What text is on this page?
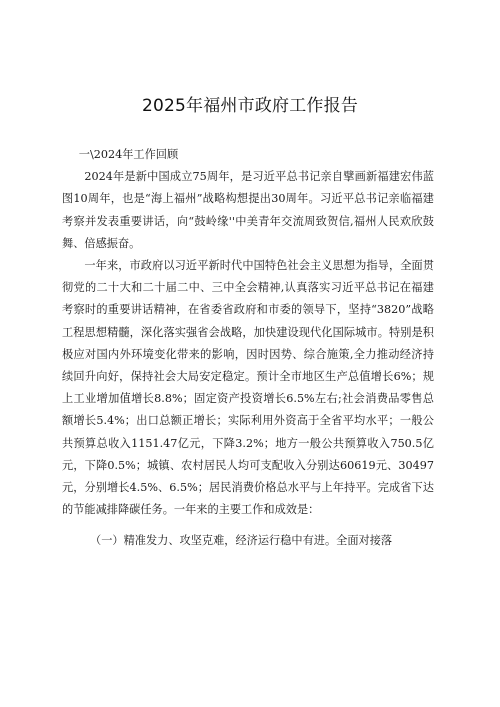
2025年福州市政府工作报告

一\2024年工作回顾

2024年是新中国成立75周年，是习近平总书记亲自擘画新福建宏伟蓝图10周年，也是“海上福州”战略构想提出30周年。习近平总书记亲临福建考察并发表重要讲话，向“鼓岭缘''中美青年交流周致贺信,福州人民欢欣鼓舞、倍感振奋。

一年来，市政府以习近平新时代中国特色社会主义思想为指导，全面贯彻党的二十大和二十届二中、三中全会精神,认真落实习近平总书记在福建考察时的重要讲话精神，在省委省政府和市委的领导下，坚持“3820”战略工程思想精髓，深化落实强省会战略，加快建设现代化国际城市。特别是积极应对国内外环境变化带来的影响，因时因势、综合施策,全力推动经济持续回升向好，保持社会大局安定稳定。预计全市地区生产总值增长6%；规上工业增加值增长8.8%；固定资产投资增长6.5%左右;社会消费品零售总额增长5.4%；出口总额正增长；实际利用外资高于全省平均水平；一般公共预算总收入1151.47亿元，下降3.2%；地方一般公共预算收入750.5亿元，下降0.5%；城镇、农村居民人均可支配收入分别达60619元、30497元，分别增长4.5%、6.5%；居民消费价格总水平与上年持平。完成省下达的节能减排降碳任务。一年来的主要工作和成效是：

（一）精准发力、攻坚克难，经济运行稳中有进。全面对接落
